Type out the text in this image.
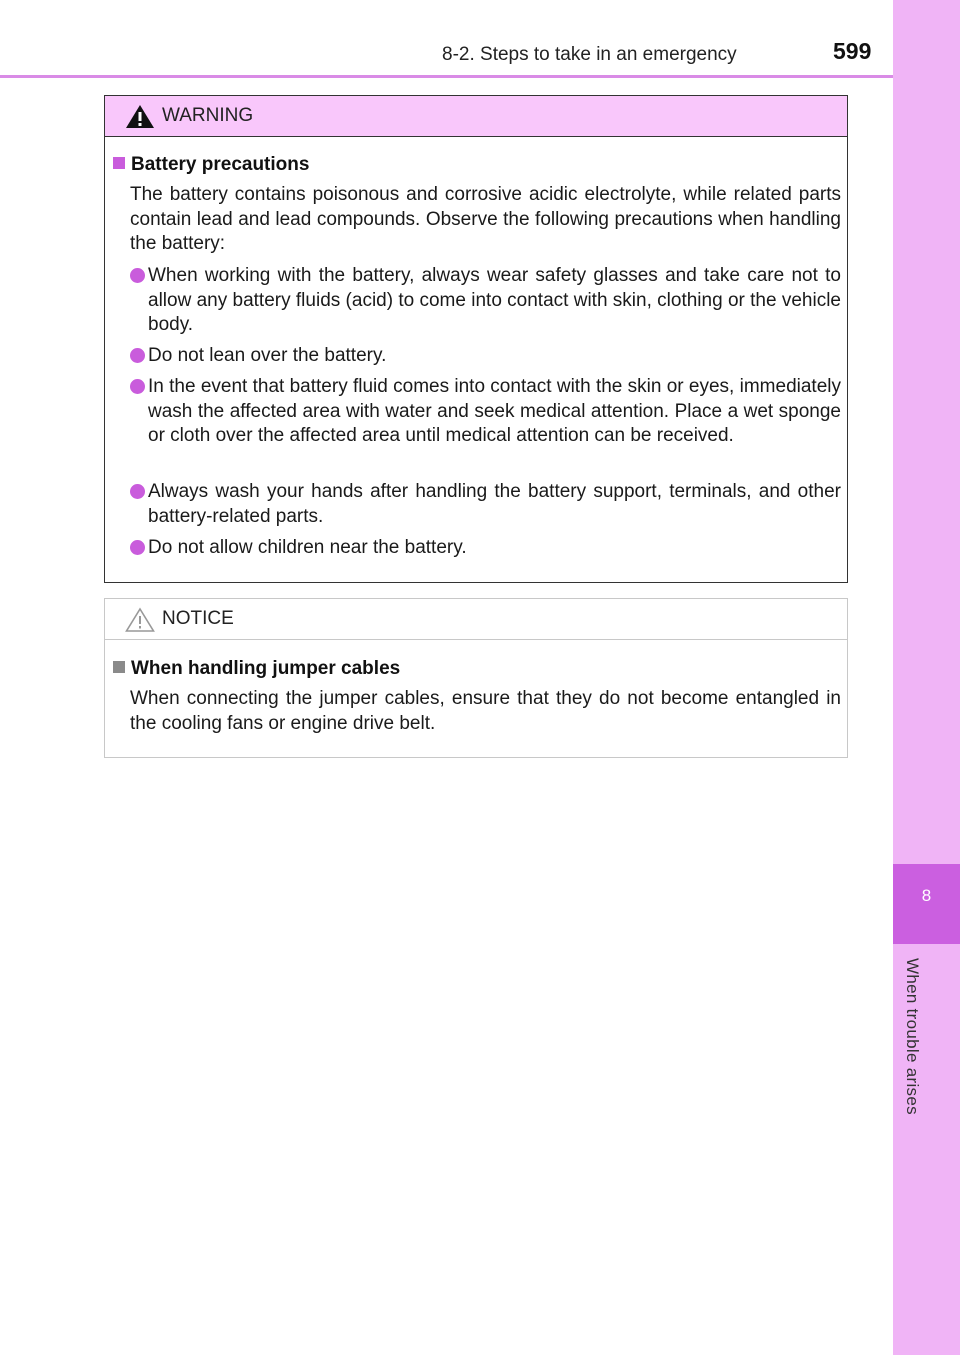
8-2. Steps to take in an emergency	599
8
When trouble arises
WARNING
Battery precautions
The battery contains poisonous and corrosive acidic electrolyte, while related parts contain lead and lead compounds. Observe the following precautions when handling the battery:
When working with the battery, always wear safety glasses and take care not to allow any battery fluids (acid) to come into contact with skin, clothing or the vehicle body.
Do not lean over the battery.
In the event that battery fluid comes into contact with the skin or eyes, immediately wash the affected area with water and seek medical attention. Place a wet sponge or cloth over the affected area until medical attention can be received.
Always wash your hands after handling the battery support, terminals, and other battery-related parts.
Do not allow children near the battery.
NOTICE
When handling jumper cables
When connecting the jumper cables, ensure that they do not become entangled in the cooling fans or engine drive belt.
